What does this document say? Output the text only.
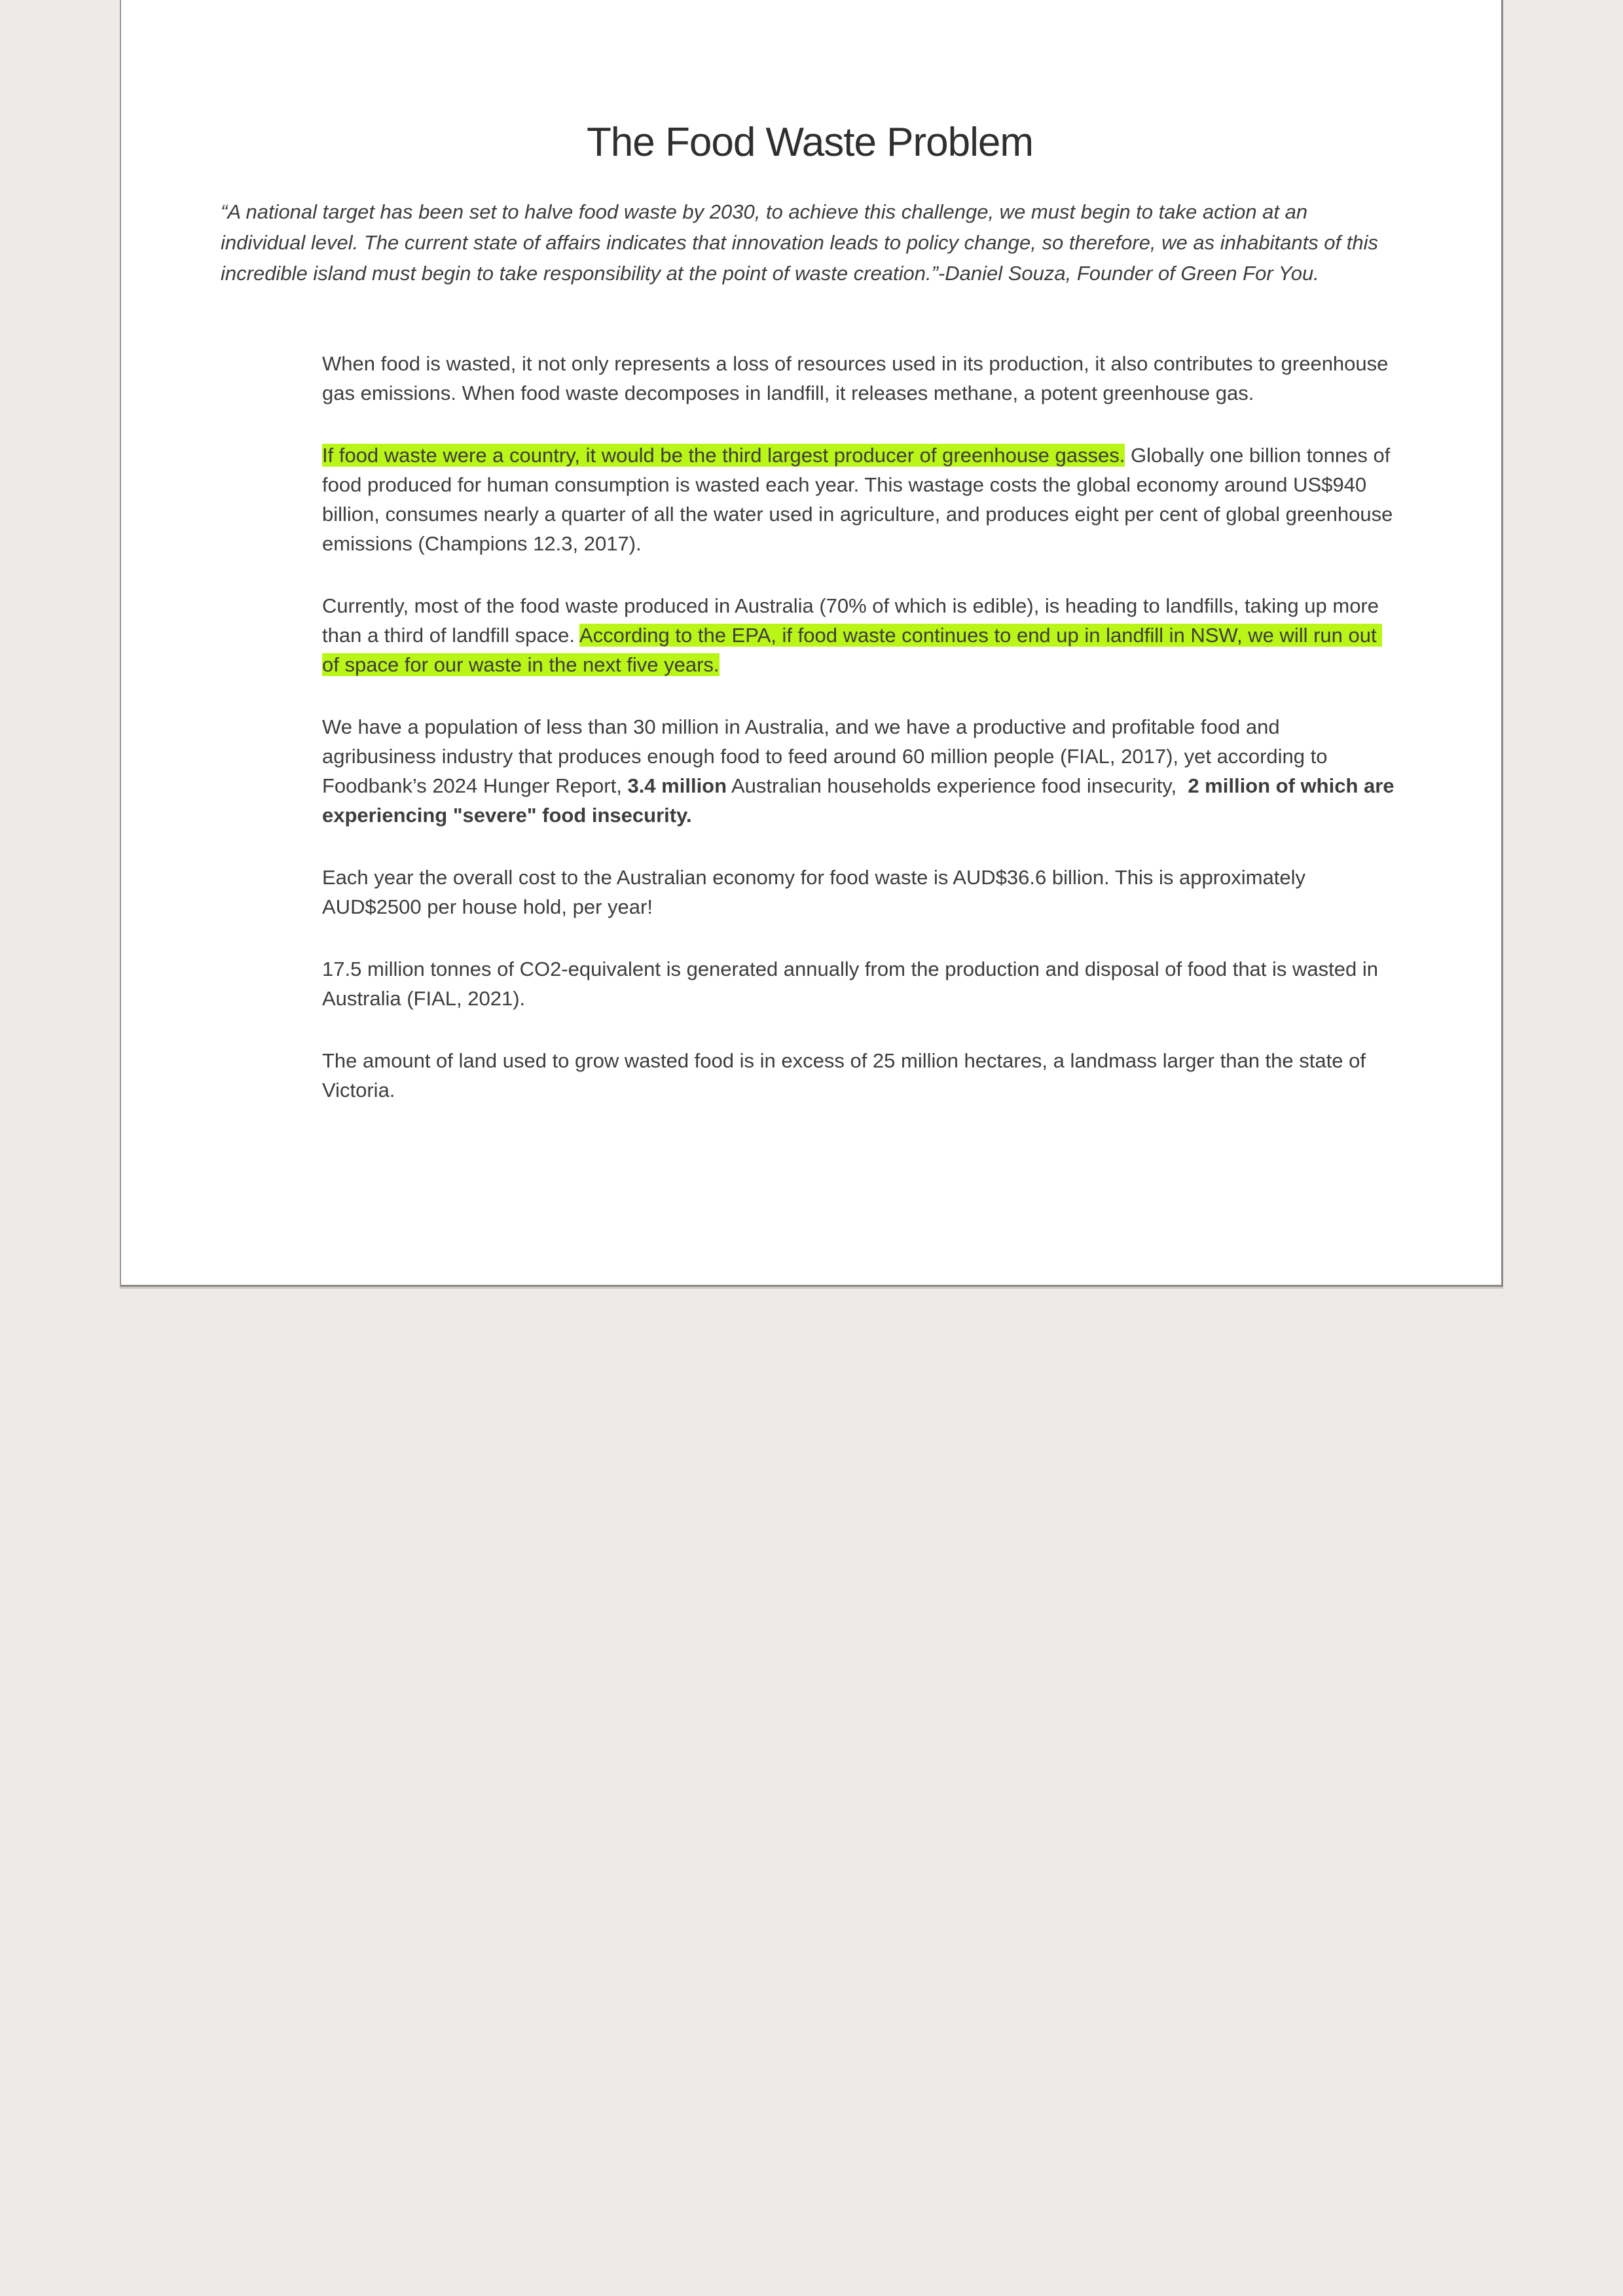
The Food Waste Problem
“A national target has been set to halve food waste by 2030, to achieve this challenge, we must begin to take action at an individual level. The current state of affairs indicates that innovation leads to policy change, so therefore, we as inhabitants of this incredible island must begin to take responsibility at the point of waste creation.”-Daniel Souza, Founder of Green For You.

When food is wasted, it not only represents a loss of resources used in its production, it also contributes to greenhouse gas emissions. When food waste decomposes in landfill, it releases methane, a potent greenhouse gas.

If food waste were a country, it would be the third largest producer of greenhouse gasses. Globally one billion tonnes of food produced for human consumption is wasted each year. This wastage costs the global economy around US$940 billion, consumes nearly a quarter of all the water used in agriculture, and produces eight per cent of global greenhouse emissions (Champions 12.3, 2017).

Currently, most of the food waste produced in Australia (70% of which is edible), is heading to landfills, taking up more than a third of landfill space. According to the EPA, if food waste continues to end up in landfill in NSW, we will run out of space for our waste in the next five years.

We have a population of less than 30 million in Australia, and we have a productive and profitable food and agribusiness industry that produces enough food to feed around 60 million people (FIAL, 2017), yet according to Foodbank’s 2024 Hunger Report, 3.4 million Australian households experience food insecurity,  2 million of which are experiencing "severe" food insecurity.

Each year the overall cost to the Australian economy for food waste is AUD$36.6 billion. This is approximately AUD$2500 per house hold, per year!

17.5 million tonnes of CO2-equivalent is generated annually from the production and disposal of food that is wasted in Australia (FIAL, 2021).

The amount of land used to grow wasted food is in excess of 25 million hectares, a landmass larger than the state of Victoria.
